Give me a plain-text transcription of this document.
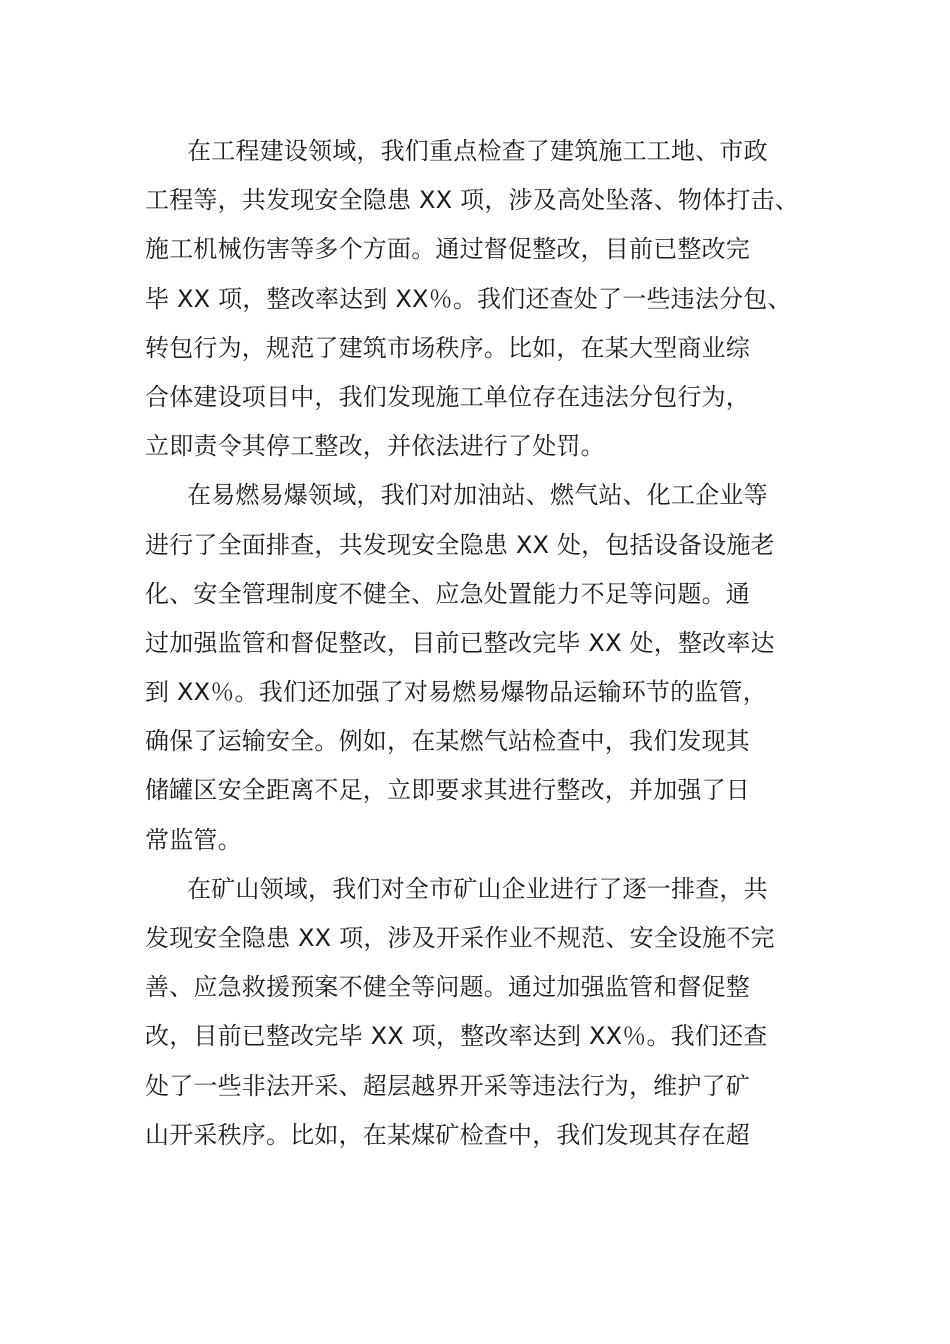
在工程建设领域，我们重点检查了建筑施工工地、市政
工程等，共发现安全隐患 XX 项，涉及高处坠落、物体打击、
施工机械伤害等多个方面。通过督促整改，目前已整改完
毕 XX 项，整改率达到 XX％。我们还查处了一些违法分包、
转包行为，规范了建筑市场秩序。比如，在某大型商业综
合体建设项目中，我们发现施工单位存在违法分包行为，
立即责令其停工整改，并依法进行了处罚。
在易燃易爆领域，我们对加油站、燃气站、化工企业等
进行了全面排查，共发现安全隐患 XX 处，包括设备设施老
化、安全管理制度不健全、应急处置能力不足等问题。通
过加强监管和督促整改，目前已整改完毕 XX 处，整改率达
到 XX％。我们还加强了对易燃易爆物品运输环节的监管，
确保了运输安全。例如，在某燃气站检查中，我们发现其
储罐区安全距离不足，立即要求其进行整改，并加强了日
常监管。
在矿山领域，我们对全市矿山企业进行了逐一排查，共
发现安全隐患 XX 项，涉及开采作业不规范、安全设施不完
善、应急救援预案不健全等问题。通过加强监管和督促整
改，目前已整改完毕 XX 项，整改率达到 XX％。我们还查
处了一些非法开采、超层越界开采等违法行为，维护了矿
山开采秩序。比如，在某煤矿检查中，我们发现其存在超
